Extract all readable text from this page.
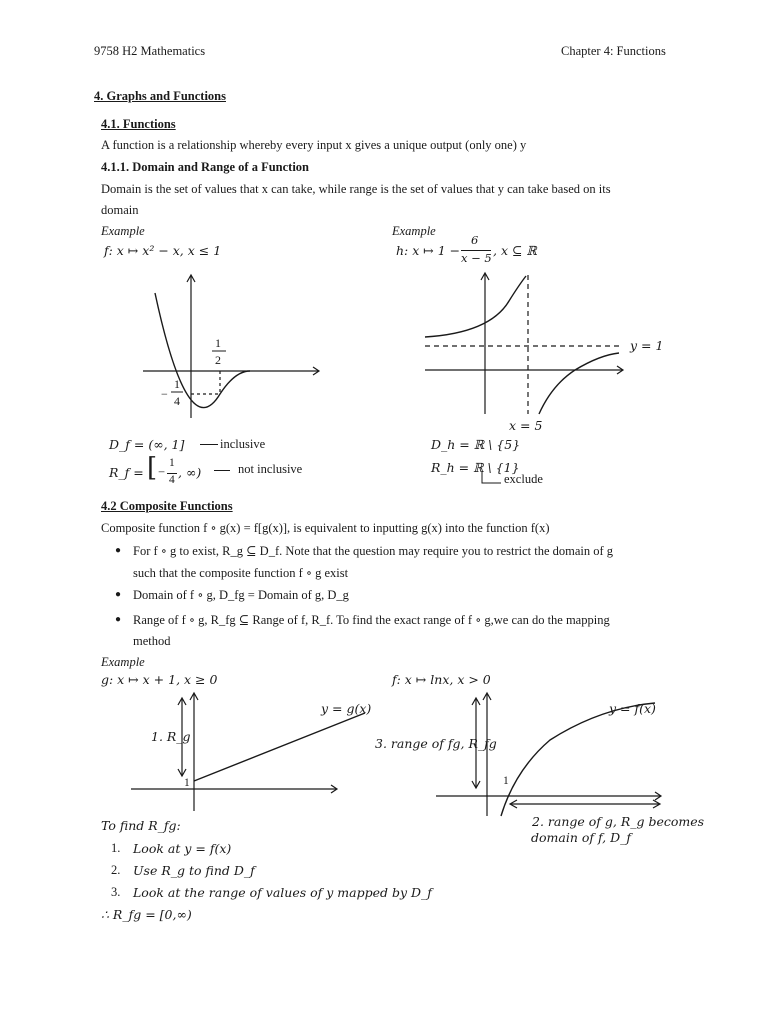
9758 H2 Mathematics	Chapter 4: Functions
4. Graphs and Functions
4.1. Functions
A function is a relationship whereby every input x gives a unique output (only one) y
4.1.1. Domain and Range of a Function
Domain is the set of values that x can take, while range is the set of values that y can take based on its
domain
Example
f: x ↦ x² − x, x ≤ 1
Example
h: x ↦ 1 −
6
x − 5 , x ⊆ ℝ
1
2
−
1
4
y = 1
x = 5
D_f = (∞, 1]	inclusive
R_f = [ −
1
4 , ∞)	not inclusive
D_h = ℝ \ {5}
R_h = ℝ \ {1}
exclude
4.2 Composite Functions
Composite function f ∘ g(x) = f[g(x)], is equivalent to inputting g(x) into the function f(x)
● For f ∘ g to exist, R_g ⊆ D_f. Note that the question may require you to restrict the domain of g
such that the composite function f ∘ g exist
● Domain of f ∘ g, D_fg = Domain of g, D_g
● Range of f ∘ g, R_fg ⊆ Range of f, R_f. To find the exact range of f ∘ g,we can do the mapping
method
Example
g: x ↦ x + 1, x ≥ 0	f: x ↦ lnx, x > 0
y = g(x)
1. R_g
1
y = f(x)
3. range of fg, R_fg
1
2. range of g, R_g becomes
domain of f, D_f
To find R_fg:
1. Look at y = f(x)
2. Use R_g to find D_f
3. Look at the range of values of y mapped by D_f
∴ R_fg = [0,∞)
